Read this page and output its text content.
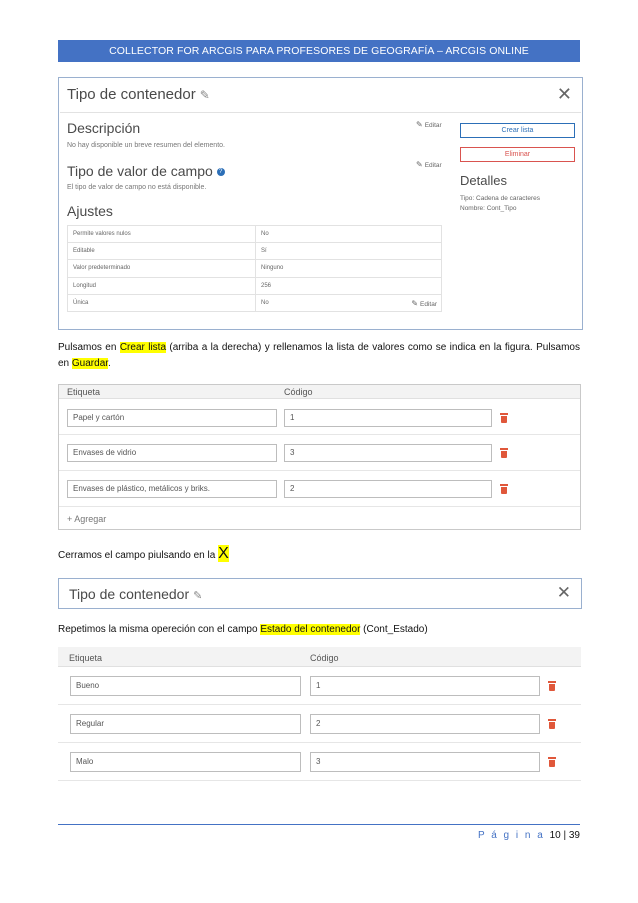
COLLECTOR FOR ARCGIS PARA PROFESORES DE GEOGRAFÍA – ARCGIS ONLINE
Tipo de contenedor ✎	✕
Descripción
No hay disponible un breve resumen del elemento.
✎ Editar
Tipo de valor de campo ?
El tipo de valor de campo no está disponible.
✎ Editar
Ajustes
Permite valores nulos	No
Editable	Sí
Valor predeterminado	Ninguno
Longitud	256
Única	No ✎ Editar
Crear lista
Eliminar
Detalles
Tipo: Cadena de caracteres
Nombre: Cont_Tipo
Pulsamos en Crear lista (arriba a la derecha) y rellenamos la lista de valores como se indica en la figura. Pulsamos en Guardar.
Etiqueta	Código
Papel y cartón	1
Envases de vidrio	3
Envases de plástico, metálicos y briks.	2
+ Agregar
Cerramos el campo piulsando en la X
Tipo de contenedor ✎	✕
Repetimos la misma opereción con el campo Estado del contenedor (Cont_Estado)
Etiqueta	Código
Bueno	1
Regular	2
Malo	3
P á g i n a 10 | 39
